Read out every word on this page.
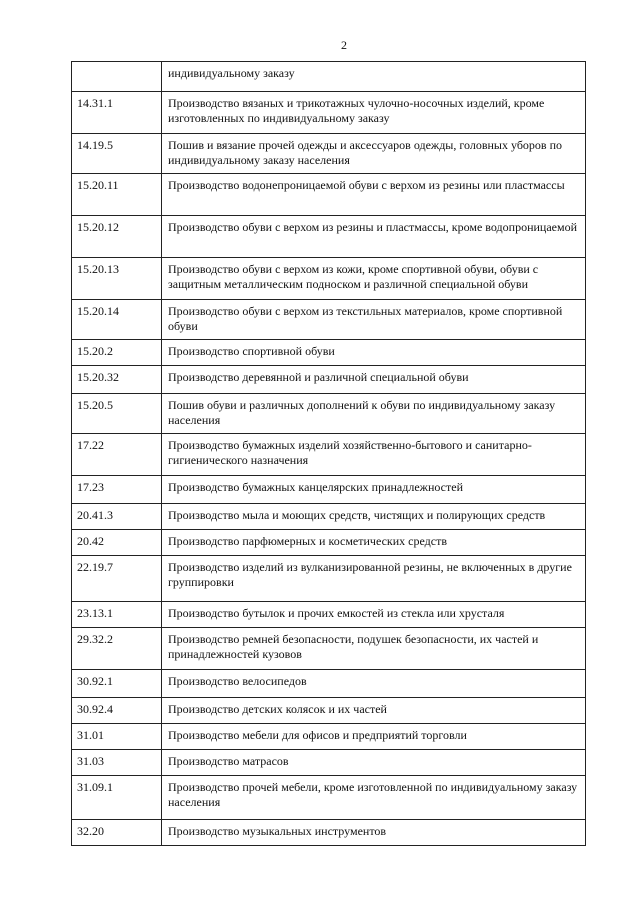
2
	индивидуальному заказу
14.31.1	Производство вязаных и трикотажных чулочно-носочных изделий, кроме изготовленных по индивидуальному заказу
14.19.5	Пошив и вязание прочей одежды и аксессуаров одежды, головных уборов по индивидуальному заказу населения
15.20.11	Производство водонепроницаемой обуви с верхом из резины или пластмассы
15.20.12	Производство обуви с верхом из резины и пластмассы, кроме водопроницаемой
15.20.13	Производство обуви с верхом из кожи, кроме спортивной обуви, обуви с защитным металлическим подноском и различной специальной обуви
15.20.14	Производство обуви с верхом из текстильных материалов, кроме спортивной обуви
15.20.2	Производство спортивной обуви
15.20.32	Производство деревянной и различной специальной обуви
15.20.5	Пошив обуви и различных дополнений к обуви по индивидуальному заказу населения
17.22	Производство бумажных изделий хозяйственно-бытового и санитарно-гигиенического назначения
17.23	Производство бумажных канцелярских принадлежностей
20.41.3	Производство мыла и моющих средств, чистящих и полирующих средств
20.42	Производство парфюмерных и косметических средств
22.19.7	Производство изделий из вулканизированной резины, не включенных в другие группировки
23.13.1	Производство бутылок и прочих емкостей из стекла или хрусталя
29.32.2	Производство ремней безопасности, подушек безопасности, их частей и принадлежностей кузовов
30.92.1	Производство велосипедов
30.92.4	Производство детских колясок и их частей
31.01	Производство мебели для офисов и предприятий торговли
31.03	Производство матрасов
31.09.1	Производство прочей мебели, кроме изготовленной по индивидуальному заказу населения
32.20	Производство музыкальных инструментов
